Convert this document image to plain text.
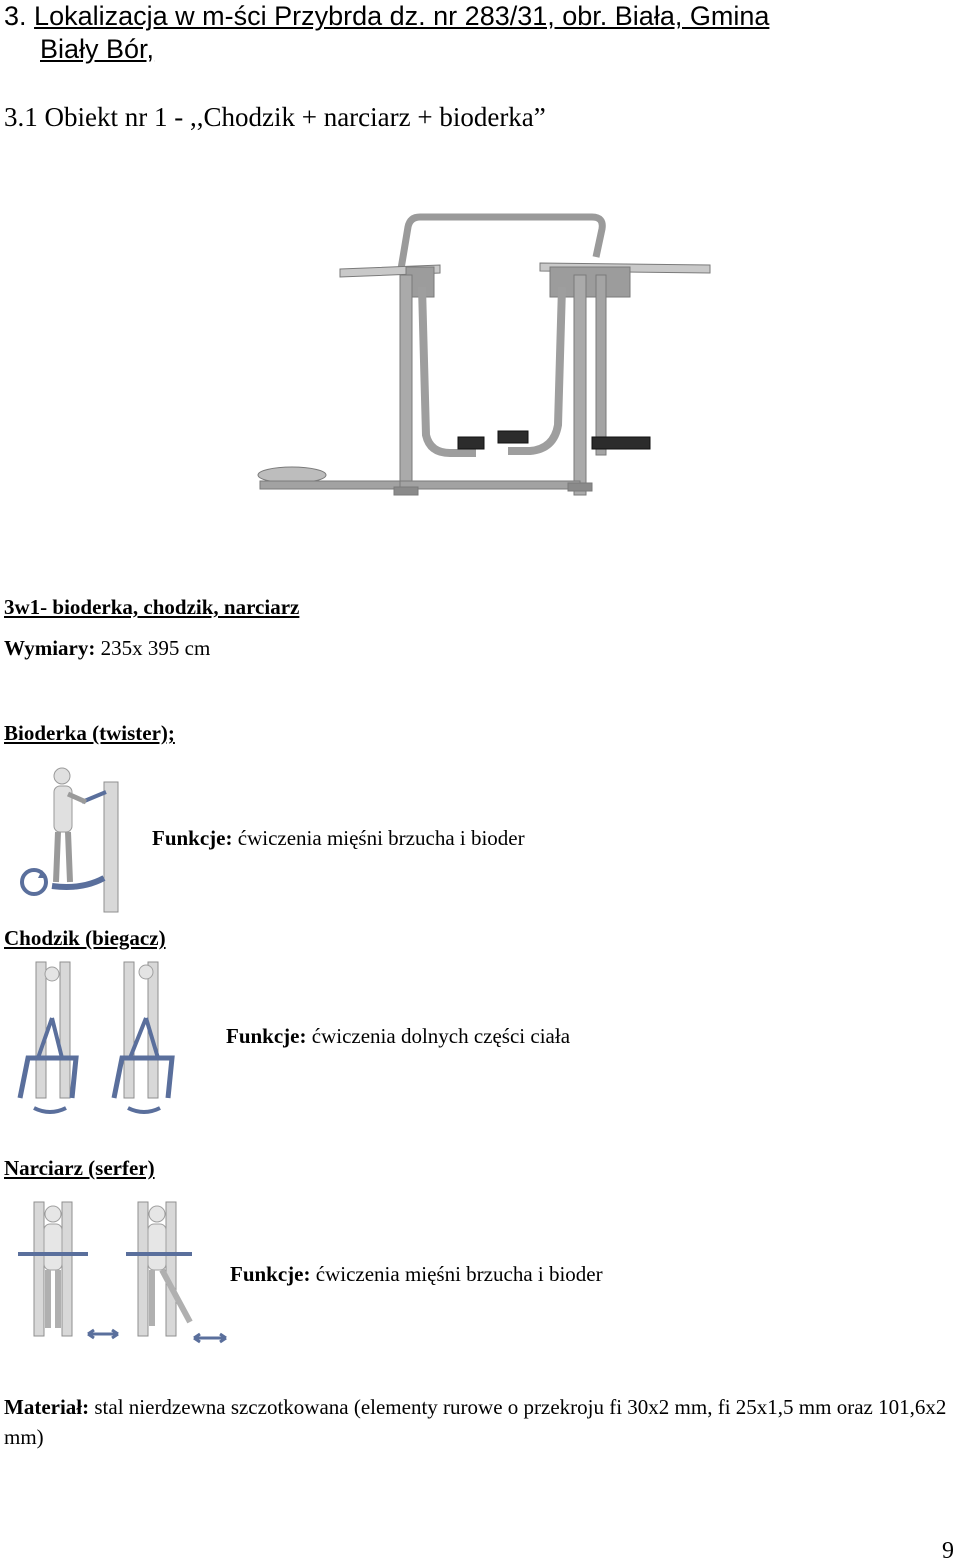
3. Lokalizacja w m-ści Przybrda dz. nr 283/31, obr. Biała, Gmina
Biały Bór,
3.1 Obiekt nr 1 - ,,Chodzik + narciarz + bioderka”
3w1- bioderka, chodzik, narciarz
Wymiary: 235x 395 cm
Bioderka (twister);
Funkcje: ćwiczenia mięśni brzucha i bioder
Chodzik (biegacz)
Funkcje: ćwiczenia dolnych części ciała
Narciarz (serfer)
Funkcje: ćwiczenia mięśni brzucha i bioder
Materiał: stal nierdzewna szczotkowana (elementy rurowe o przekroju fi 30x2 mm, fi 25x1,5 mm oraz 101,6x2 mm)
9
